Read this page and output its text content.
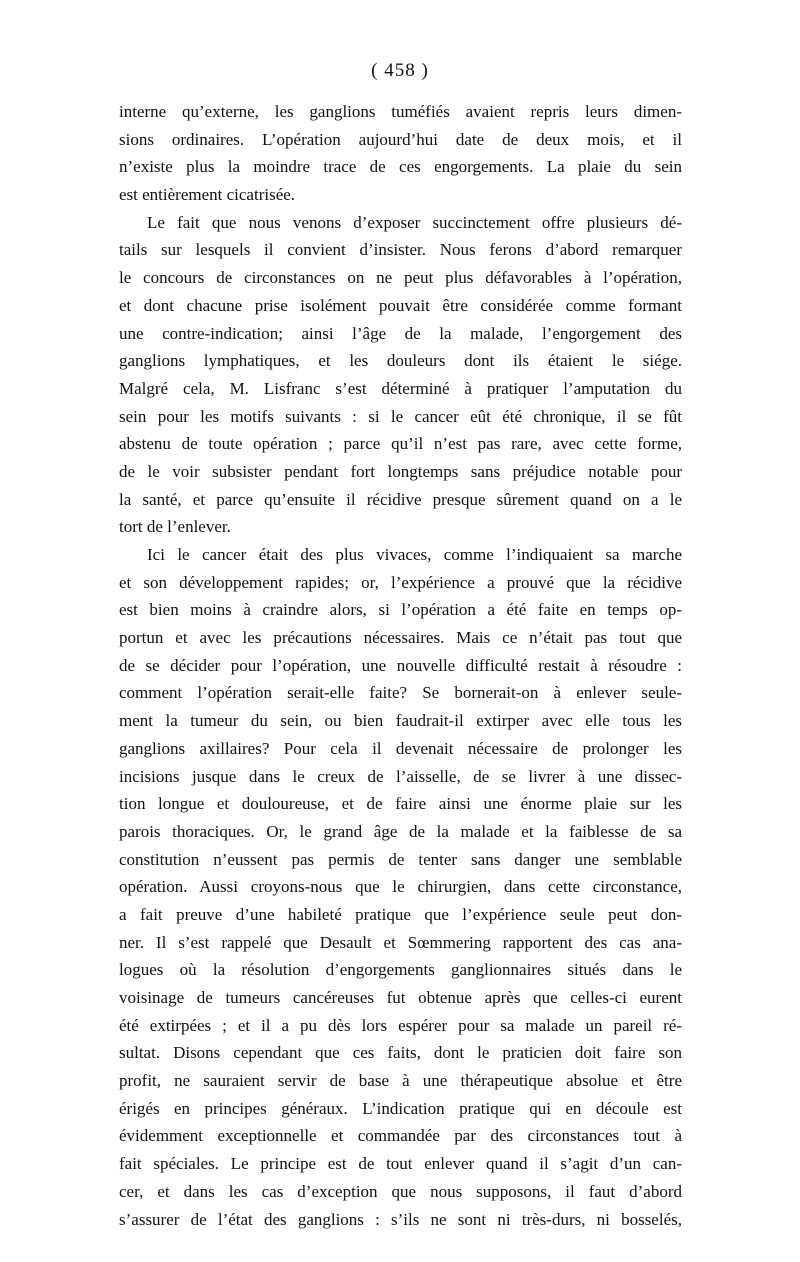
( 458 )
interne qu’externe, les ganglions tuméfiés avaient repris leurs dimen-
sions ordinaires. L’opération aujourd’hui date de deux mois, et il
n’existe plus la moindre trace de ces engorgements. La plaie du sein
est entièrement cicatrisée.
Le fait que nous venons d’exposer succinctement offre plusieurs dé-
tails sur lesquels il convient d’insister. Nous ferons d’abord remarquer
le concours de circonstances on ne peut plus défavorables à l’opération,
et dont chacune prise isolément pouvait être considérée comme formant
une contre-indication; ainsi l’âge de la malade, l’engorgement des
ganglions lymphatiques, et les douleurs dont ils étaient le siége.
Malgré cela, M. Lisfranc s’est déterminé à pratiquer l’amputation du
sein pour les motifs suivants : si le cancer eût été chronique, il se fût
abstenu de toute opération ; parce qu’il n’est pas rare, avec cette forme,
de le voir subsister pendant fort longtemps sans préjudice notable pour
la santé, et parce qu’ensuite il récidive presque sûrement quand on a le
tort de l’enlever.
Ici le cancer était des plus vivaces, comme l’indiquaient sa marche
et son développement rapides; or, l’expérience a prouvé que la récidive
est bien moins à craindre alors, si l’opération a été faite en temps op-
portun et avec les précautions nécessaires. Mais ce n’était pas tout que
de se décider pour l’opération, une nouvelle difficulté restait à résoudre :
comment l’opération serait-elle faite? Se bornerait-on à enlever seule-
ment la tumeur du sein, ou bien faudrait-il extirper avec elle tous les
ganglions axillaires? Pour cela il devenait nécessaire de prolonger les
incisions jusque dans le creux de l’aisselle, de se livrer à une dissec-
tion longue et douloureuse, et de faire ainsi une énorme plaie sur les
parois thoraciques. Or, le grand âge de la malade et la faiblesse de sa
constitution n’eussent pas permis de tenter sans danger une semblable
opération. Aussi croyons-nous que le chirurgien, dans cette circonstance,
a fait preuve d’une habileté pratique que l’expérience seule peut don-
ner. Il s’est rappelé que Desault et Sœmmering rapportent des cas ana-
logues où la résolution d’engorgements ganglionnaires situés dans le
voisinage de tumeurs cancéreuses fut obtenue après que celles-ci eurent
été extirpées ; et il a pu dès lors espérer pour sa malade un pareil ré-
sultat. Disons cependant que ces faits, dont le praticien doit faire son
profit, ne sauraient servir de base à une thérapeutique absolue et être
érigés en principes généraux. L’indication pratique qui en découle est
évidemment exceptionnelle et commandée par des circonstances tout à
fait spéciales. Le principe est de tout enlever quand il s’agit d’un can-
cer, et dans les cas d’exception que nous supposons, il faut d’abord
s’assurer de l’état des ganglions : s’ils ne sont ni très-durs, ni bosselés,
